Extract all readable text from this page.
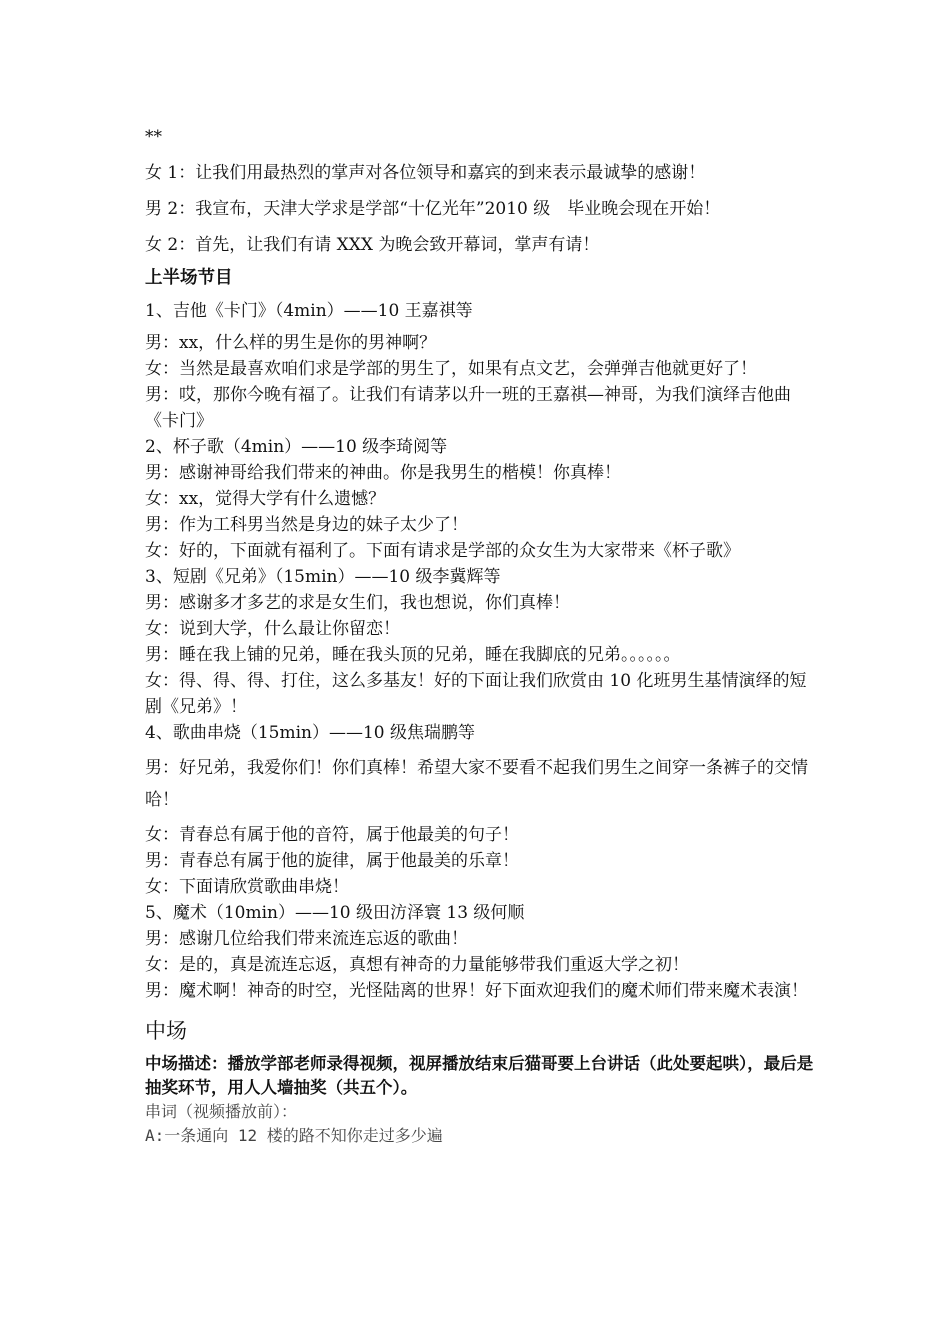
**

女 1：让我们用最热烈的掌声对各位领导和嘉宾的到来表示最诚挚的感谢！

男 2：我宣布，天津大学求是学部“十亿光年”2010 级　毕业晚会现在开始！

女 2：首先，让我们有请 XXX 为晚会致开幕词，掌声有请！

上半场节目

1、吉他《卡门》（4min）——10 王嘉祺等

男：xx，什么样的男生是你的男神啊？

女：当然是最喜欢咱们求是学部的男生了，如果有点文艺，会弹弹吉他就更好了！

男：哎，那你今晚有福了。让我们有请茅以升一班的王嘉祺—神哥，为我们演绎吉他曲《卡门》

2、杯子歌（4min）——10 级李琦阅等

男：感谢神哥给我们带来的神曲。你是我男生的楷模！你真棒！

女：xx，觉得大学有什么遗憾？

男：作为工科男当然是身边的妹子太少了！

女：好的，下面就有福利了。下面有请求是学部的众女生为大家带来《杯子歌》

3、短剧《兄弟》（15min）——10 级李冀辉等

男：感谢多才多艺的求是女生们，我也想说，你们真棒！

女：说到大学，什么最让你留恋！

男：睡在我上铺的兄弟，睡在我头顶的兄弟，睡在我脚底的兄弟。。。。。。

女：得、得、得、打住，这么多基友！好的下面让我们欣赏由 10 化班男生基情演绎的短剧《兄弟》！

4、歌曲串烧（15min）——10 级焦瑞鹏等

男：好兄弟，我爱你们！你们真棒！希望大家不要看不起我们男生之间穿一条裤子的交情哈！

女：青春总有属于他的音符，属于他最美的句子！

男：青春总有属于他的旋律，属于他最美的乐章！

女：下面请欣赏歌曲串烧！

5、魔术（10min）——10 级田汸泽寰 13 级何顺

男：感谢几位给我们带来流连忘返的歌曲！

女：是的，真是流连忘返，真想有神奇的力量能够带我们重返大学之初！

男：魔术啊！神奇的时空，光怪陆离的世界！好下面欢迎我们的魔术师们带来魔术表演！

中场
中场描述：播放学部老师录得视频，视屏播放结束后猫哥要上台讲话（此处要起哄），最后是抽奖环节，用人人墙抽奖（共五个）。

串词（视频播放前）：

A:一条通向 12 楼的路不知你走过多少遍
